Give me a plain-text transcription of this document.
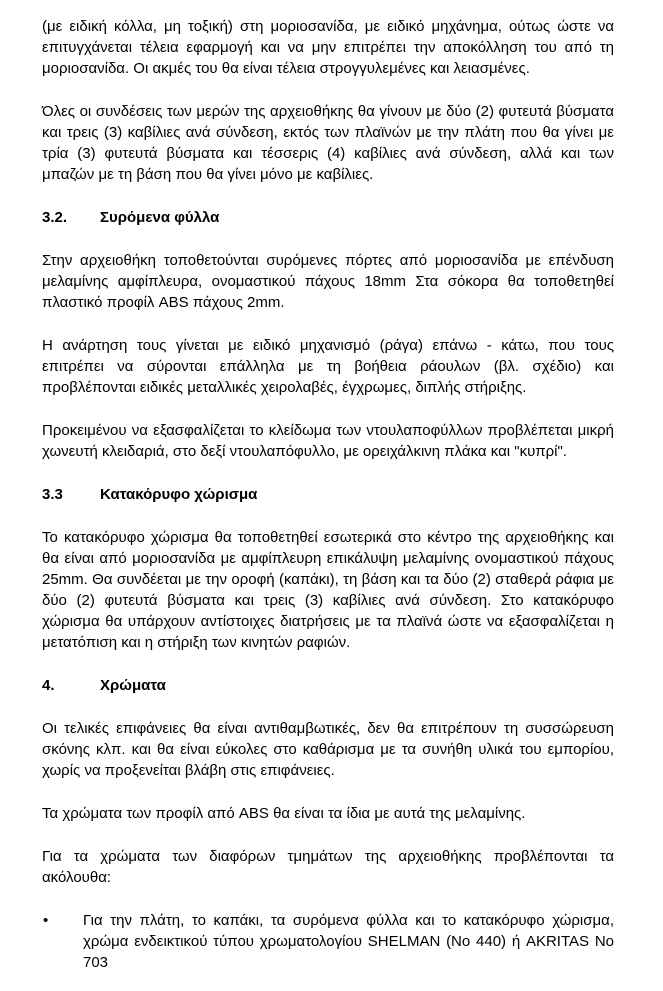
(με ειδική κόλλα, μη τοξική) στη μοριοσανίδα, με ειδικό μηχάνημα, ούτως ώστε να επιτυγχάνεται τέλεια εφαρμογή και να μην επιτρέπει την αποκόλληση του από τη μοριοσανίδα. Οι ακμές του θα είναι τέλεια στρογγυλεμένες και λειασμένες.

Όλες οι συνδέσεις των μερών της αρχειοθήκης θα γίνουν με δύο (2) φυτευτά βύσματα και τρεις (3) καβίλιες ανά σύνδεση, εκτός των πλαϊνών με την πλάτη που θα γίνει με τρία (3) φυτευτά βύσματα και τέσσερις (4) καβίλιες ανά σύνδεση, αλλά και των μπαζών με τη βάση που θα γίνει μόνο με καβίλιες.

3.2.	Συρόμενα φύλλα

Στην αρχειοθήκη τοποθετούνται συρόμενες πόρτες από μοριοσανίδα με επένδυση μελαμίνης αμφίπλευρα, ονομαστικού πάχους 18mm Στα σόκορα θα τοποθετηθεί πλαστικό προφίλ ABS πάχους 2mm.

Η ανάρτηση τους γίνεται με ειδικό μηχανισμό (ράγα) επάνω - κάτω, που τους επιτρέπει να σύρονται επάλληλα με τη βοήθεια ράουλων (βλ. σχέδιο) και προβλέπονται ειδικές μεταλλικές χειρολαβές, έγχρωμες, διπλής στήριξης.

Προκειμένου να εξασφαλίζεται το κλείδωμα των ντουλαποφύλλων προβλέπεται μικρή χωνευτή κλειδαριά, στο δεξί ντουλαπόφυλλο, με ορειχάλκινη πλάκα και "κυπρί".

3.3	Κατακόρυφο χώρισμα

Το κατακόρυφο χώρισμα θα τοποθετηθεί εσωτερικά στο κέντρο της αρχειοθήκης και θα είναι από μοριοσανίδα με αμφίπλευρη επικάλυψη μελαμίνης ονομαστικού πάχους 25mm. Θα συνδέεται με την οροφή (καπάκι), τη βάση και τα δύο (2) σταθερά ράφια με δύο (2) φυτευτά βύσματα και τρεις (3) καβίλιες ανά σύνδεση. Στο κατακόρυφο χώρισμα θα υπάρχουν αντίστοιχες διατρήσεις με τα πλαϊνά ώστε να εξασφαλίζεται η μετατόπιση και η στήριξη των κινητών ραφιών.

4.	Χρώματα

Οι τελικές επιφάνειες θα είναι αντιθαμβωτικές, δεν θα επιτρέπουν τη συσσώρευση σκόνης κλπ. και θα είναι εύκολες στο καθάρισμα με τα συνήθη υλικά του εμπορίου, χωρίς να προξενείται βλάβη στις επιφάνειες.

Τα χρώματα των προφίλ από ABS θα είναι τα ίδια με αυτά της μελαμίνης.

Για τα χρώματα των διαφόρων τμημάτων της αρχειοθήκης προβλέπονται τα ακόλουθα:

•	Για την πλάτη, το καπάκι, τα συρόμενα φύλλα και το κατακόρυφο χώρισμα, χρώμα ενδεικτικού τύπου χρωματολογίου SHELMAN (No 440) ή AKRITAS No 703
